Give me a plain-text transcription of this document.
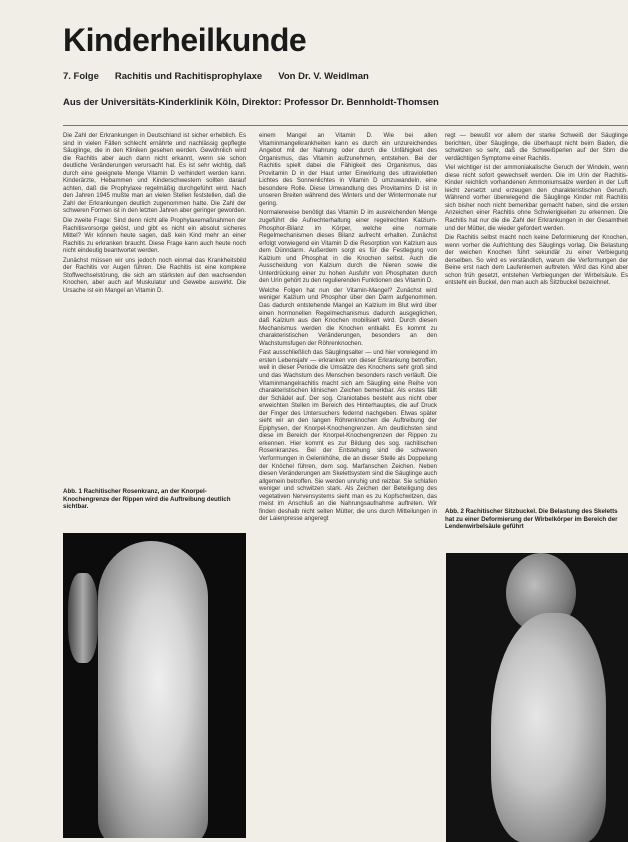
Kinderheilkunde
7. Folge Rachitis und Rachitisprophylaxe Von Dr. V. Weidlman
Aus der Universitäts-Kinderklinik Köln, Direktor: Professor Dr. Bennholdt-Thomsen

Die Zahl der Erkrankungen in Deutschland ist sicher erheblich. Es sind in vielen Fällen schlecht ernährte und nachlässig gepflegte Säuglinge, die in den Kliniken gesehen werden. Gewöhnlich wird die Rachitis aber auch dann nicht erkannt, wenn sie schon deutliche Veränderungen verursacht hat. Es ist sehr wichtig, daß durch eine geeignete Menge Vitamin D verhindert werden kann. Kinderärzte, Hebammen und Kinderschwestern sollten darauf achten, daß die Prophylaxe regelmäßig durchgeführt wird. Nach den Jahren 1945 mußte man an vielen Stellen feststellen, daß die Zahl der Erkrankungen deutlich zugenommen hatte. Die Zahl der schweren Formen ist in den letzten Jahren aber geringer geworden.

Die zweite Frage: Sind denn nicht alle Prophylaxemaßnahmen der Rachitisvorsorge gelöst, und gibt es nicht ein absolut sicheres Mittel? Wir können heute sagen, daß kein Kind mehr an einer Rachitis zu erkranken braucht. Diese Frage kann auch heute noch nicht eindeutig beantwortet werden.

Zunächst müssen wir uns jedoch noch einmal das Krankheitsbild der Rachitis vor Augen führen. Die Rachitis ist eine komplexe Stoffwechselstörung, die sich am stärksten auf den wachsenden Knochen, aber auch auf Muskulatur und Gewebe auswirkt. Die Ursache ist ein Mangel an Vitamin D.

einem Mangel an Vitamin D. Wie bei allen Vitaminmangelkrankheiten kann es durch ein unzureichendes Angebot mit der Nahrung oder durch die Unfähigkeit des Organismus, das Vitamin aufzunehmen, entstehen. Bei der Rachitis spielt dabei die Fähigkeit des Organismus, das Provitamin D in der Haut unter Einwirkung des ultravioletten Lichtes des Sonnenlichtes in Vitamin D umzuwandeln, eine besondere Rolle. Diese Umwandlung des Provitamins D ist in unseren Breiten während des Winters und der Wintermonate nur gering.

Normalerweise benötigt das Vitamin D im ausreichenden Menge zugeführt die Aufrechterhaltung einer regelrechten Kalzium-Phosphor-Bilanz im Körper, welche eine normale Regelmechanismen dieses Bilanz aufrecht erhalten. Zunächst erfolgt vorwiegend ein Vitamin D die Resorption von Kalzium aus dem Dünndarm. Außerdem sorgt es für die Festlegung von Kalzium und Phosphat in die Knochen selbst. Auch die Ausscheidung von Kalzium durch die Nieren sowie die Unterdrückung einer zu hohen Ausfuhr von Phosphaten durch den Urin gehört zu den regulierenden Funktionen des Vitamin D.

Welche Folgen hat nun der Vitamin-Mangel? Zunächst wird weniger Kalzium und Phosphor über den Darm aufgenommen. Das dadurch entstehende Mangel an Kalzium im Blut wird über einen hormonellen Regelmechanismus dadurch ausgeglichen, daß Kalzium aus den Knochen mobilisiert wird. Durch diesen Mechanismus werden die Knochen entkalkt. Es kommt zu charakteristischen Veränderungen, besonders an den Wachstumsfugen der Röhrenknochen.

Fast ausschließlich das Säuglingsalter — und hier vorwiegend im ersten Lebensjahr — erkranken von dieser Erkrankung betroffen, weil in dieser Periode die Umsätze des Knochens sehr groß sind und das Wachstum des Menschen besonders rasch verläuft. Die Vitaminmangelrachitis macht sich am Säugling eine Reihe von charakteristischen klinischen Zeichen bemerkbar. Als erstes fällt der Schädel auf. Der sog. Craniotabes besteht aus nicht ober erweichten Stellen im Bereich des Hinterhauptes, die auf Druck der Finger des Untersuchers federnd nachgeben. Etwas später sieht wir an den langen Röhrenknochen die Auftreibung der Epiphysen, der Knorpel-Knochengrenzen. Am deutlichsten sind diese im Bereich der Knorpel-Knochengrenzen der Rippen zu erkennen. Hier kommt es zur Bildung des sog. rachitischen Rosenkranzes. Bei der Entstehung sind die schweren Verformungen in Gelenkhöhe, die an dieser Stelle als Doppelung der Knöchel führen, dem sog. Marfanschen Zeichen. Neben diesen Veränderungen am Skelettsystem sind die Säuglinge auch allgemein betroffen. Sie werden unruhig und reizbar. Sie schlafen weniger und schwitzen stark. Als Zeichen der Beteiligung des vegetativen Nervensystems sieht man es zu Kopfschwitzen, das meist im Anschluß an die Nahrungsaufnahme auftreten. Wir finden deshalb nicht selten Mütter, die uns durch Mitteilungen in der Laienpresse angeregt

regt — bewußt vor allem der starke Schweiß der Säuglinge berichten, über Säuglinge, die überhaupt nicht beim Baden, die schwitzen so sehr, daß die Schweißperlen auf der Stirn die verdächtigen Symptome einer Rachitis.

Viel wichtiger ist der ammoniakalische Geruch der Windeln, wenn diese nicht sofort gewechselt werden. Die im Urin der Rachitis-Kinder reichlich vorhandenen Ammoniumsalze werden in der Luft leicht zersetzt und erzeugen den charakteristischen Geruch. Während vorher überwiegend die Säuglinge Kinder mit Rachitis sich bisher noch nicht bemerkbar gemacht haben, sind die ersten Anzeichen einer Rachitis ohne Schwierigkeiten zu erkennen. Die Rachitis hat nur die die Zahl der Erkrankungen in der Gesamtheit und der Mütter, die wieder gefordert werden.

Die Rachitis selbst macht noch keine Deformierung der Knochen, wenn vorher die Aufrichtung des Säuglings vorlag. Die Belastung der weichen Knochen führt sekundär zu einer Verbiegung derselben. So wird es verständlich, warum die Verformungen der Beine erst nach dem Laufenlernen auftreten. Wird das Kind aber schon früh gesetzt, entstehen Verbiegungen der Wirbelsäule. Es entsteht ein Buckel, den man auch als Sitzbuckel bezeichnet.

Abb. 1 Rachitischer Rosenkranz, an der Knorpel-Knochengrenze der Rippen wird die Auftreibung deutlich sichtbar.
Abb. 2 Rachitischer Sitzbuckel. Die Belastung des Skeletts hat zu einer Deformierung der Wirbelkörper im Bereich der Lendenwirbelsäule geführt
